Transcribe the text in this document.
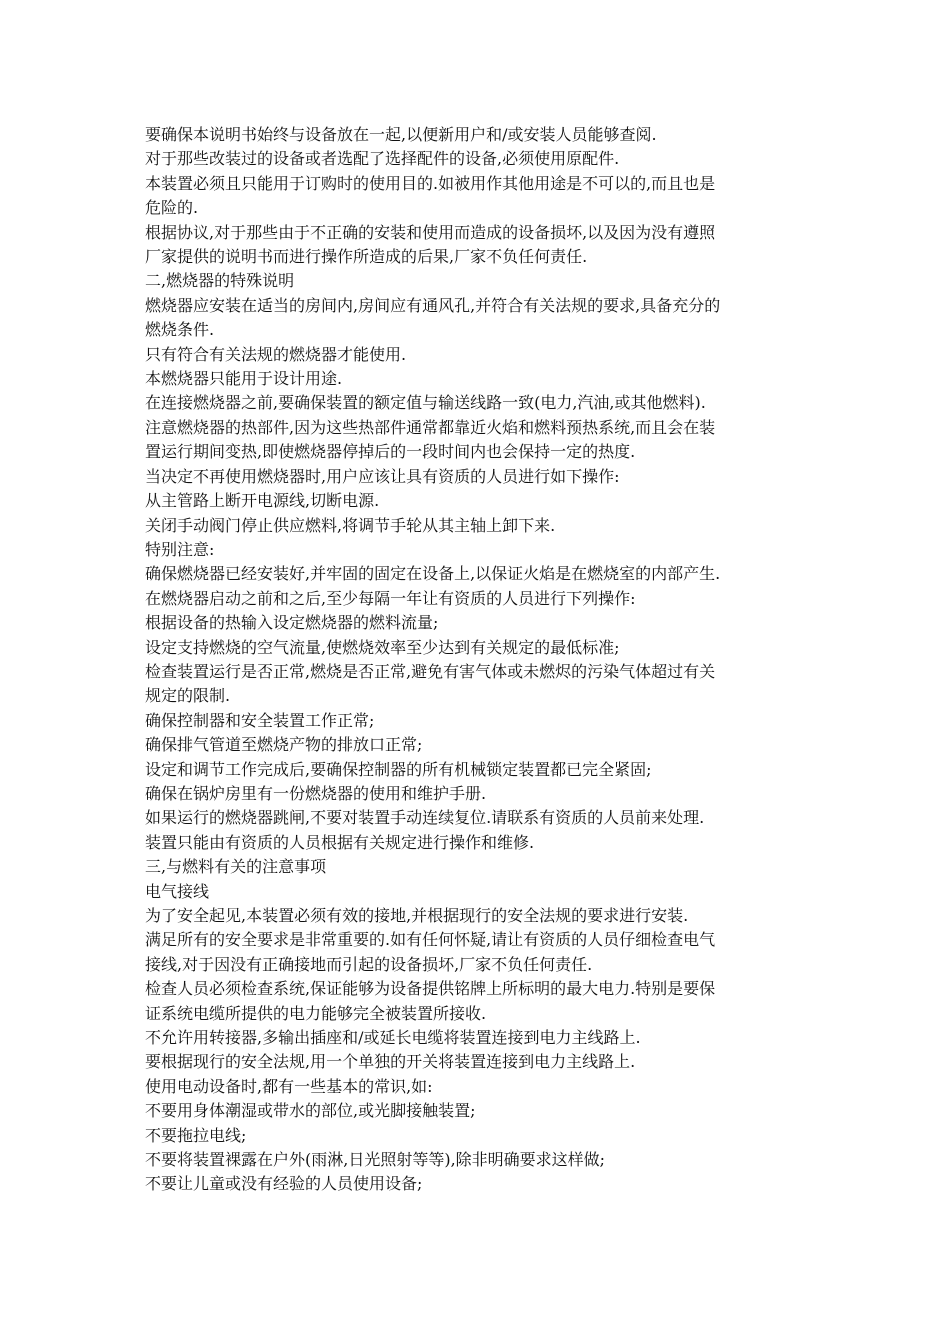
要确保本说明书始终与设备放在一起,以便新用户和/或安装人员能够查阅.

对于那些改装过的设备或者选配了选择配件的设备,必须使用原配件.

本装置必须且只能用于订购时的使用目的.如被用作其他用途是不可以的,而且也是
危险的.

根据协议,对于那些由于不正确的安装和使用而造成的设备损坏,以及因为没有遵照
厂家提供的说明书而进行操作所造成的后果,厂家不负任何责任.

二,燃烧器的特殊说明

燃烧器应安装在适当的房间内,房间应有通风孔,并符合有关法规的要求,具备充分的
燃烧条件.

只有符合有关法规的燃烧器才能使用.

本燃烧器只能用于设计用途.

在连接燃烧器之前,要确保装置的额定值与输送线路一致(电力,汽油,或其他燃料).

注意燃烧器的热部件,因为这些热部件通常都靠近火焰和燃料预热系统,而且会在装
置运行期间变热,即使燃烧器停掉后的一段时间内也会保持一定的热度.

当决定不再使用燃烧器时,用户应该让具有资质的人员进行如下操作:

从主管路上断开电源线,切断电源.

关闭手动阀门停止供应燃料,将调节手轮从其主轴上卸下来.

特别注意:

确保燃烧器已经安装好,并牢固的固定在设备上,以保证火焰是在燃烧室的内部产生.

在燃烧器启动之前和之后,至少每隔一年让有资质的人员进行下列操作:

根据设备的热输入设定燃烧器的燃料流量;

设定支持燃烧的空气流量,使燃烧效率至少达到有关规定的最低标准;

检查装置运行是否正常,燃烧是否正常,避免有害气体或未燃烬的污染气体超过有关
规定的限制.

确保控制器和安全装置工作正常;

确保排气管道至燃烧产物的排放口正常;

设定和调节工作完成后,要确保控制器的所有机械锁定装置都已完全紧固;

确保在锅炉房里有一份燃烧器的使用和维护手册.

如果运行的燃烧器跳闸,不要对装置手动连续复位.请联系有资质的人员前来处理.

装置只能由有资质的人员根据有关规定进行操作和维修.

三,与燃料有关的注意事项

电气接线

为了安全起见,本装置必须有效的接地,并根据现行的安全法规的要求进行安装.

满足所有的安全要求是非常重要的.如有任何怀疑,请让有资质的人员仔细检查电气
接线,对于因没有正确接地而引起的设备损坏,厂家不负任何责任.

检查人员必须检查系统,保证能够为设备提供铭牌上所标明的最大电力.特别是要保
证系统电缆所提供的电力能够完全被装置所接收.

不允许用转接器,多输出插座和/或延长电缆将装置连接到电力主线路上.

要根据现行的安全法规,用一个单独的开关将装置连接到电力主线路上.

使用电动设备时,都有一些基本的常识,如:

不要用身体潮湿或带水的部位,或光脚接触装置;

不要拖拉电线;

不要将装置裸露在户外(雨淋,日光照射等等),除非明确要求这样做;

不要让儿童或没有经验的人员使用设备;
